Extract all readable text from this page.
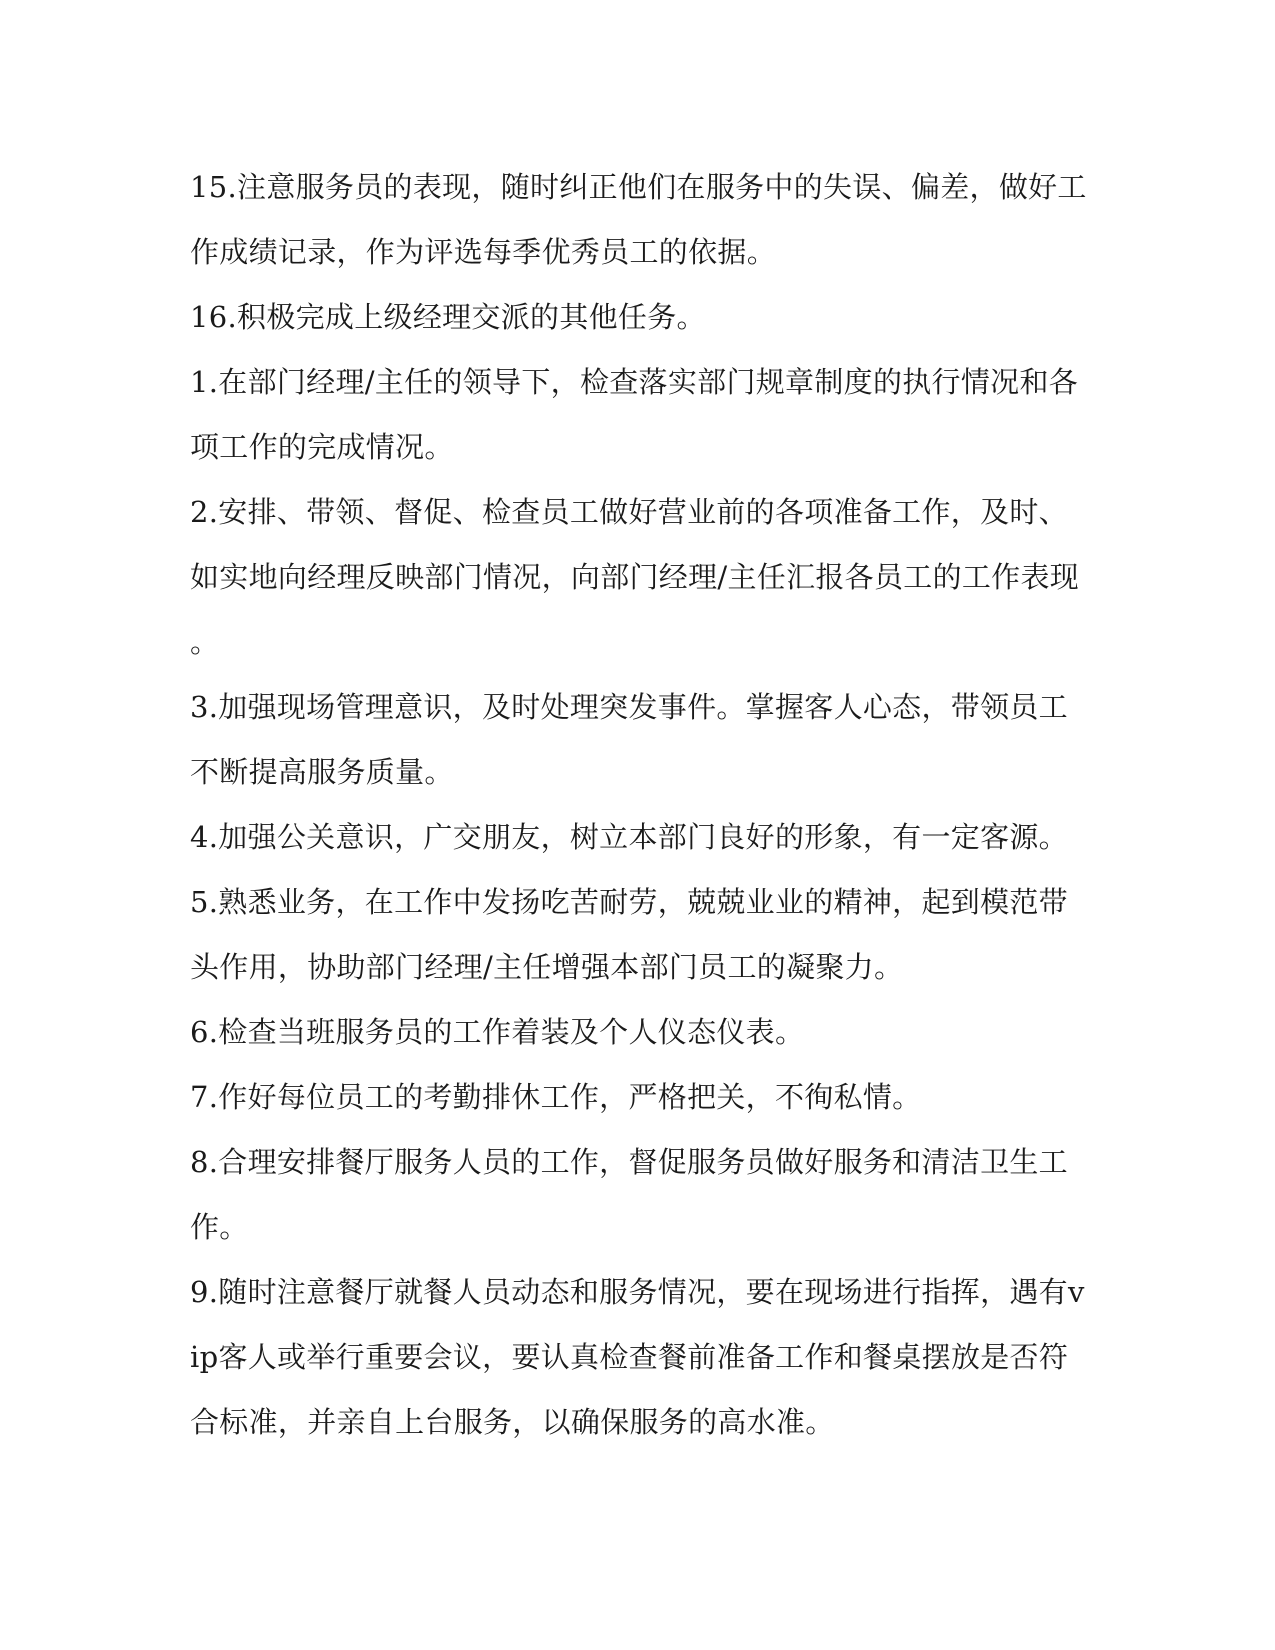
15.注意服务员的表现，随时纠正他们在服务中的失误、偏差，做好工
作成绩记录，作为评选每季优秀员工的依据。
16.积极完成上级经理交派的其他任务。
1.在部门经理/主任的领导下，检查落实部门规章制度的执行情况和各
项工作的完成情况。
2.安排、带领、督促、检查员工做好营业前的各项准备工作，及时、
如实地向经理反映部门情况，向部门经理/主任汇报各员工的工作表现
。
3.加强现场管理意识，及时处理突发事件。掌握客人心态，带领员工
不断提高服务质量。
4.加强公关意识，广交朋友，树立本部门良好的形象，有一定客源。
5.熟悉业务，在工作中发扬吃苦耐劳，兢兢业业的精神，起到模范带
头作用，协助部门经理/主任增强本部门员工的凝聚力。
6.检查当班服务员的工作着装及个人仪态仪表。
7.作好每位员工的考勤排休工作，严格把关，不徇私情。
8.合理安排餐厅服务人员的工作，督促服务员做好服务和清洁卫生工
作。
9.随时注意餐厅就餐人员动态和服务情况，要在现场进行指挥，遇有v
ip客人或举行重要会议，要认真检查餐前准备工作和餐桌摆放是否符
合标准，并亲自上台服务，以确保服务的高水准。
